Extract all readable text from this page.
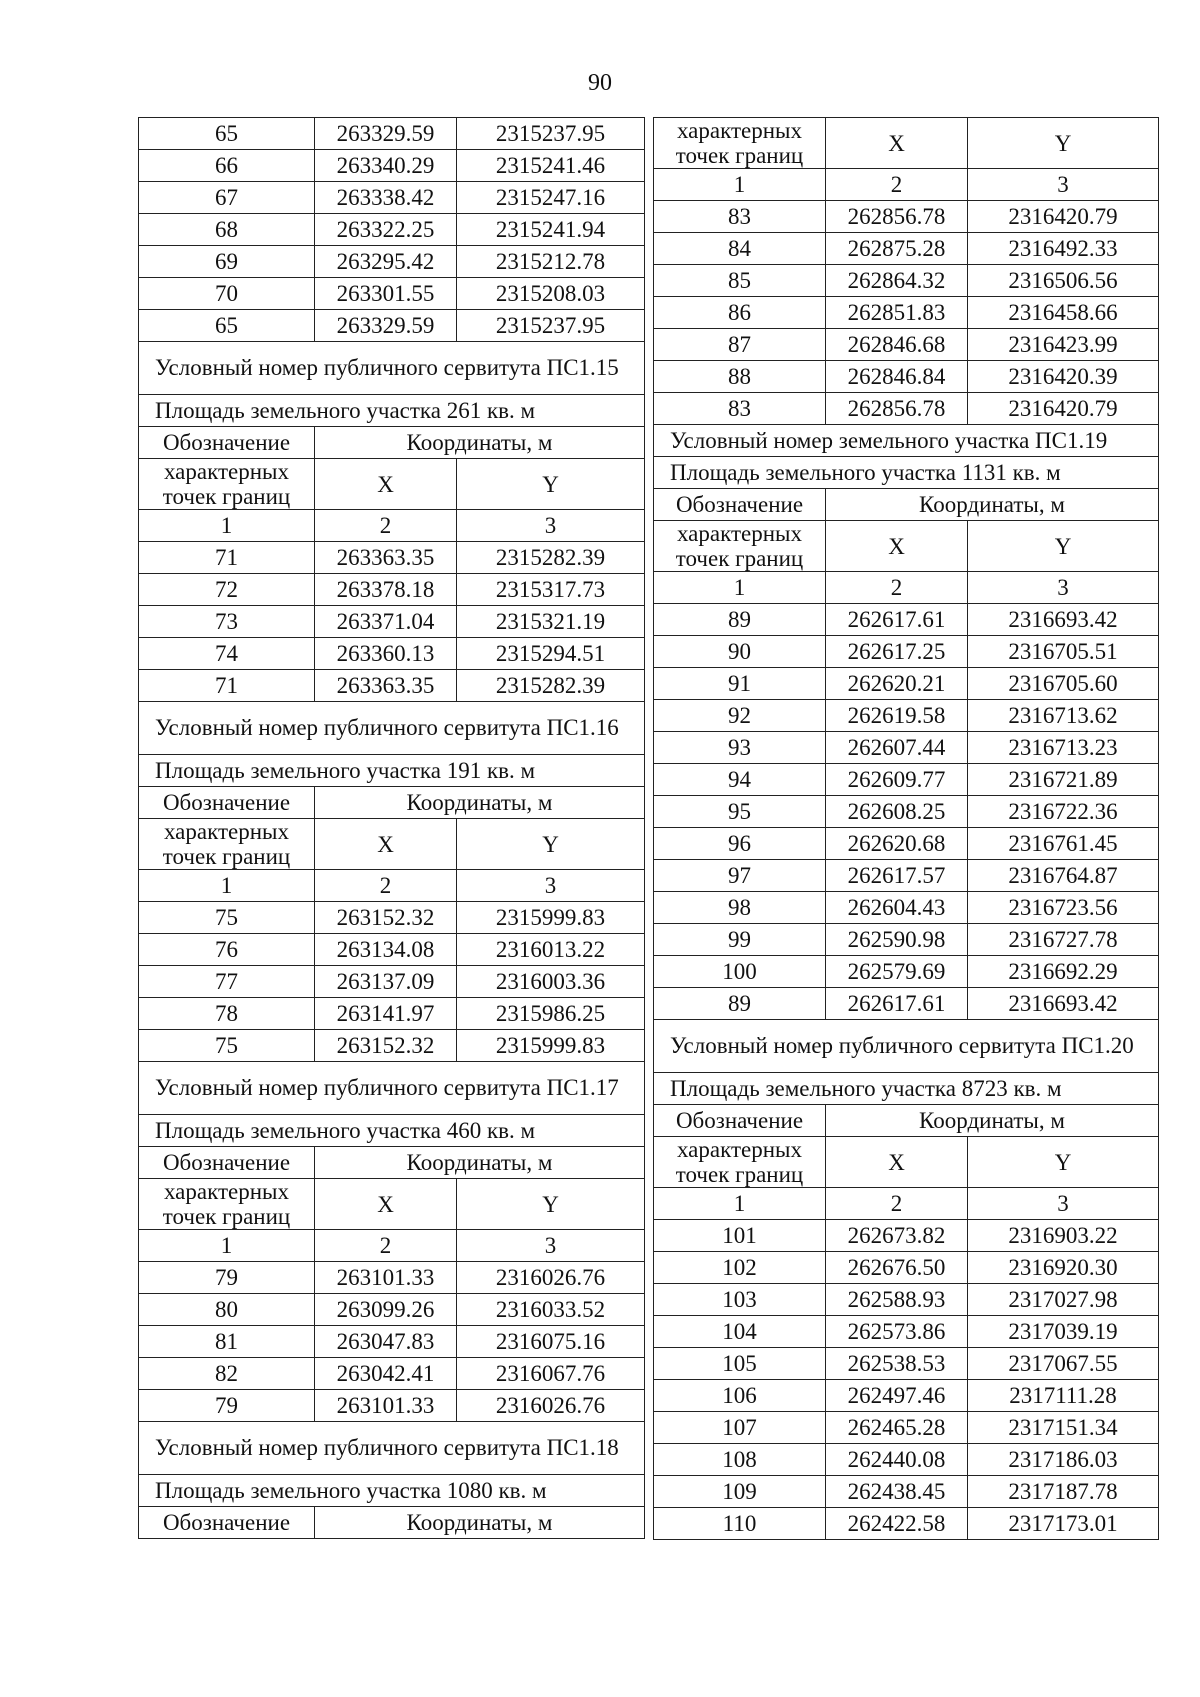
90
65	263329.59	2315237.95
66	263340.29	2315241.46
67	263338.42	2315247.16
68	263322.25	2315241.94
69	263295.42	2315212.78
70	263301.55	2315208.03
65	263329.59	2315237.95
Условный номер публичного сервитута ПС1.15		
Площадь земельного участка 261 кв. м		
Обозначение	Координаты, м	
характерных точек границ	X	Y
1	2	3
71	263363.35	2315282.39
72	263378.18	2315317.73
73	263371.04	2315321.19
74	263360.13	2315294.51
71	263363.35	2315282.39
Условный номер публичного сервитута ПС1.16		
Площадь земельного участка 191 кв. м		
Обозначение	Координаты, м	
характерных точек границ	X	Y
1	2	3
75	263152.32	2315999.83
76	263134.08	2316013.22
77	263137.09	2316003.36
78	263141.97	2315986.25
75	263152.32	2315999.83
Условный номер публичного сервитута ПС1.17		
Площадь земельного участка 460 кв. м		
Обозначение	Координаты, м	
характерных точек границ	X	Y
1	2	3
79	263101.33	2316026.76
80	263099.26	2316033.52
81	263047.83	2316075.16
82	263042.41	2316067.76
79	263101.33	2316026.76
Условный номер публичного сервитута ПС1.18		
Площадь земельного участка 1080 кв. м		
Обозначение	Координаты, м	
характерных точек границ	X	Y
1	2	3
83	262856.78	2316420.79
84	262875.28	2316492.33
85	262864.32	2316506.56
86	262851.83	2316458.66
87	262846.68	2316423.99
88	262846.84	2316420.39
83	262856.78	2316420.79
Условный номер земельного участка ПС1.19		
Площадь земельного участка 1131 кв. м		
Обозначение	Координаты, м	
характерных точек границ	X	Y
1	2	3
89	262617.61	2316693.42
90	262617.25	2316705.51
91	262620.21	2316705.60
92	262619.58	2316713.62
93	262607.44	2316713.23
94	262609.77	2316721.89
95	262608.25	2316722.36
96	262620.68	2316761.45
97	262617.57	2316764.87
98	262604.43	2316723.56
99	262590.98	2316727.78
100	262579.69	2316692.29
89	262617.61	2316693.42
Условный номер публичного сервитута ПС1.20		
Площадь земельного участка 8723 кв. м		
Обозначение	Координаты, м	
характерных точек границ	X	Y
1	2	3
101	262673.82	2316903.22
102	262676.50	2316920.30
103	262588.93	2317027.98
104	262573.86	2317039.19
105	262538.53	2317067.55
106	262497.46	2317111.28
107	262465.28	2317151.34
108	262440.08	2317186.03
109	262438.45	2317187.78
110	262422.58	2317173.01
